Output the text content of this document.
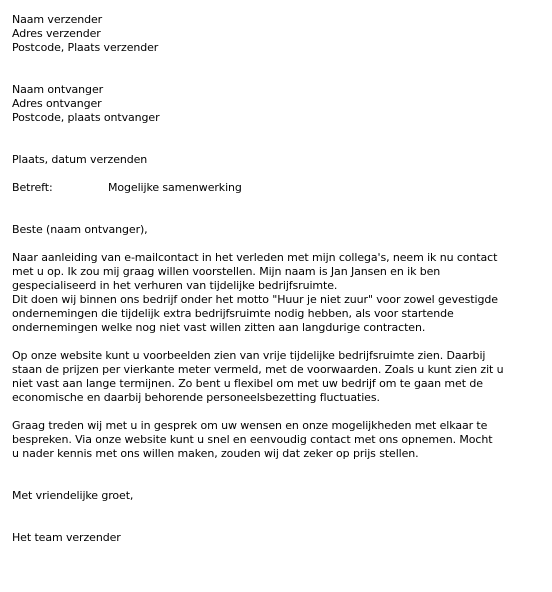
Naam verzender
Adres verzender
Postcode, Plaats verzender
Naam ontvanger
Adres ontvanger
Postcode, plaats ontvanger
Plaats, datum verzenden
Betreft:	Mogelijke samenwerking
Beste (naam ontvanger),
Naar aanleiding van e-mailcontact in het verleden met mijn collega's, neem ik nu contact
met u op. Ik zou mij graag willen voorstellen. Mijn naam is Jan Jansen en ik ben
gespecialiseerd in het verhuren van tijdelijke bedrijfsruimte.
Dit doen wij binnen ons bedrijf onder het motto "Huur je niet zuur" voor zowel gevestigde
ondernemingen die tijdelijk extra bedrijfsruimte nodig hebben, als voor startende
ondernemingen welke nog niet vast willen zitten aan langdurige contracten.
Op onze website kunt u voorbeelden zien van vrije tijdelijke bedrijfsruimte zien. Daarbij
staan de prijzen per vierkante meter vermeld, met de voorwaarden. Zoals u kunt zien zit u
niet vast aan lange termijnen. Zo bent u flexibel om met uw bedrijf om te gaan met de
economische en daarbij behorende personeelsbezetting fluctuaties.
Graag treden wij met u in gesprek om uw wensen en onze mogelijkheden met elkaar te
bespreken. Via onze website kunt u snel en eenvoudig contact met ons opnemen. Mocht
u nader kennis met ons willen maken, zouden wij dat zeker op prijs stellen.
Met vriendelijke groet,
Het team verzender
